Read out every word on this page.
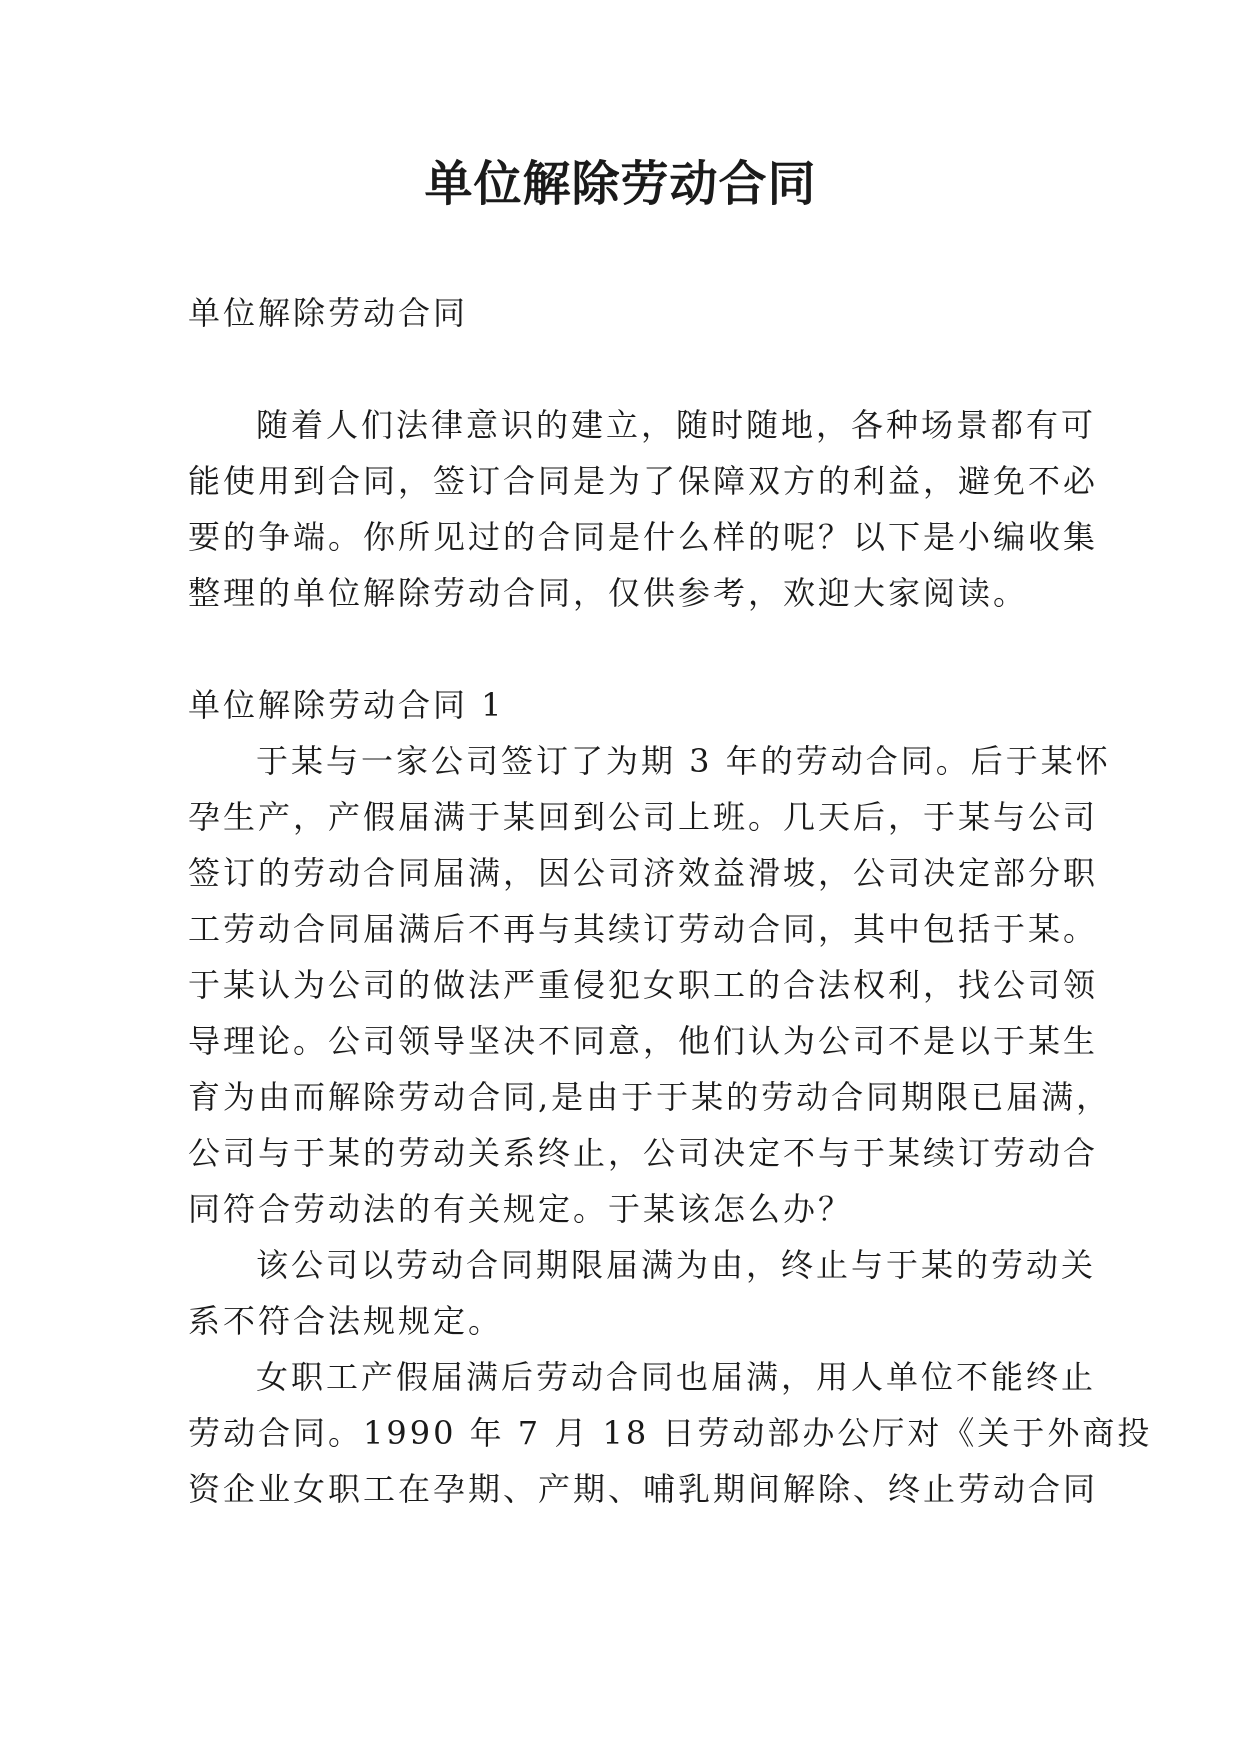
单位解除劳动合同

单位解除劳动合同

随着人们法律意识的建立，随时随地，各种场景都有可

能使用到合同，签订合同是为了保障双方的利益，避免不必

要的争端。你所见过的合同是什么样的呢？以下是小编收集

整理的单位解除劳动合同，仅供参考，欢迎大家阅读。

单位解除劳动合同 1

于某与一家公司签订了为期 3 年的劳动合同。后于某怀

孕生产，产假届满于某回到公司上班。几天后，于某与公司

签订的劳动合同届满，因公司济效益滑坡，公司决定部分职

工劳动合同届满后不再与其续订劳动合同，其中包括于某。

于某认为公司的做法严重侵犯女职工的合法权利，找公司领

导理论。公司领导坚决不同意，他们认为公司不是以于某生

育为由而解除劳动合同,是由于于某的劳动合同期限已届满，

公司与于某的劳动关系终止，公司决定不与于某续订劳动合

同符合劳动法的有关规定。于某该怎么办？

该公司以劳动合同期限届满为由，终止与于某的劳动关

系不符合法规规定。

女职工产假届满后劳动合同也届满，用人单位不能终止

劳动合同。1990 年 7 月 18 日劳动部办公厅对《关于外商投

资企业女职工在孕期、产期、哺乳期间解除、终止劳动合同
